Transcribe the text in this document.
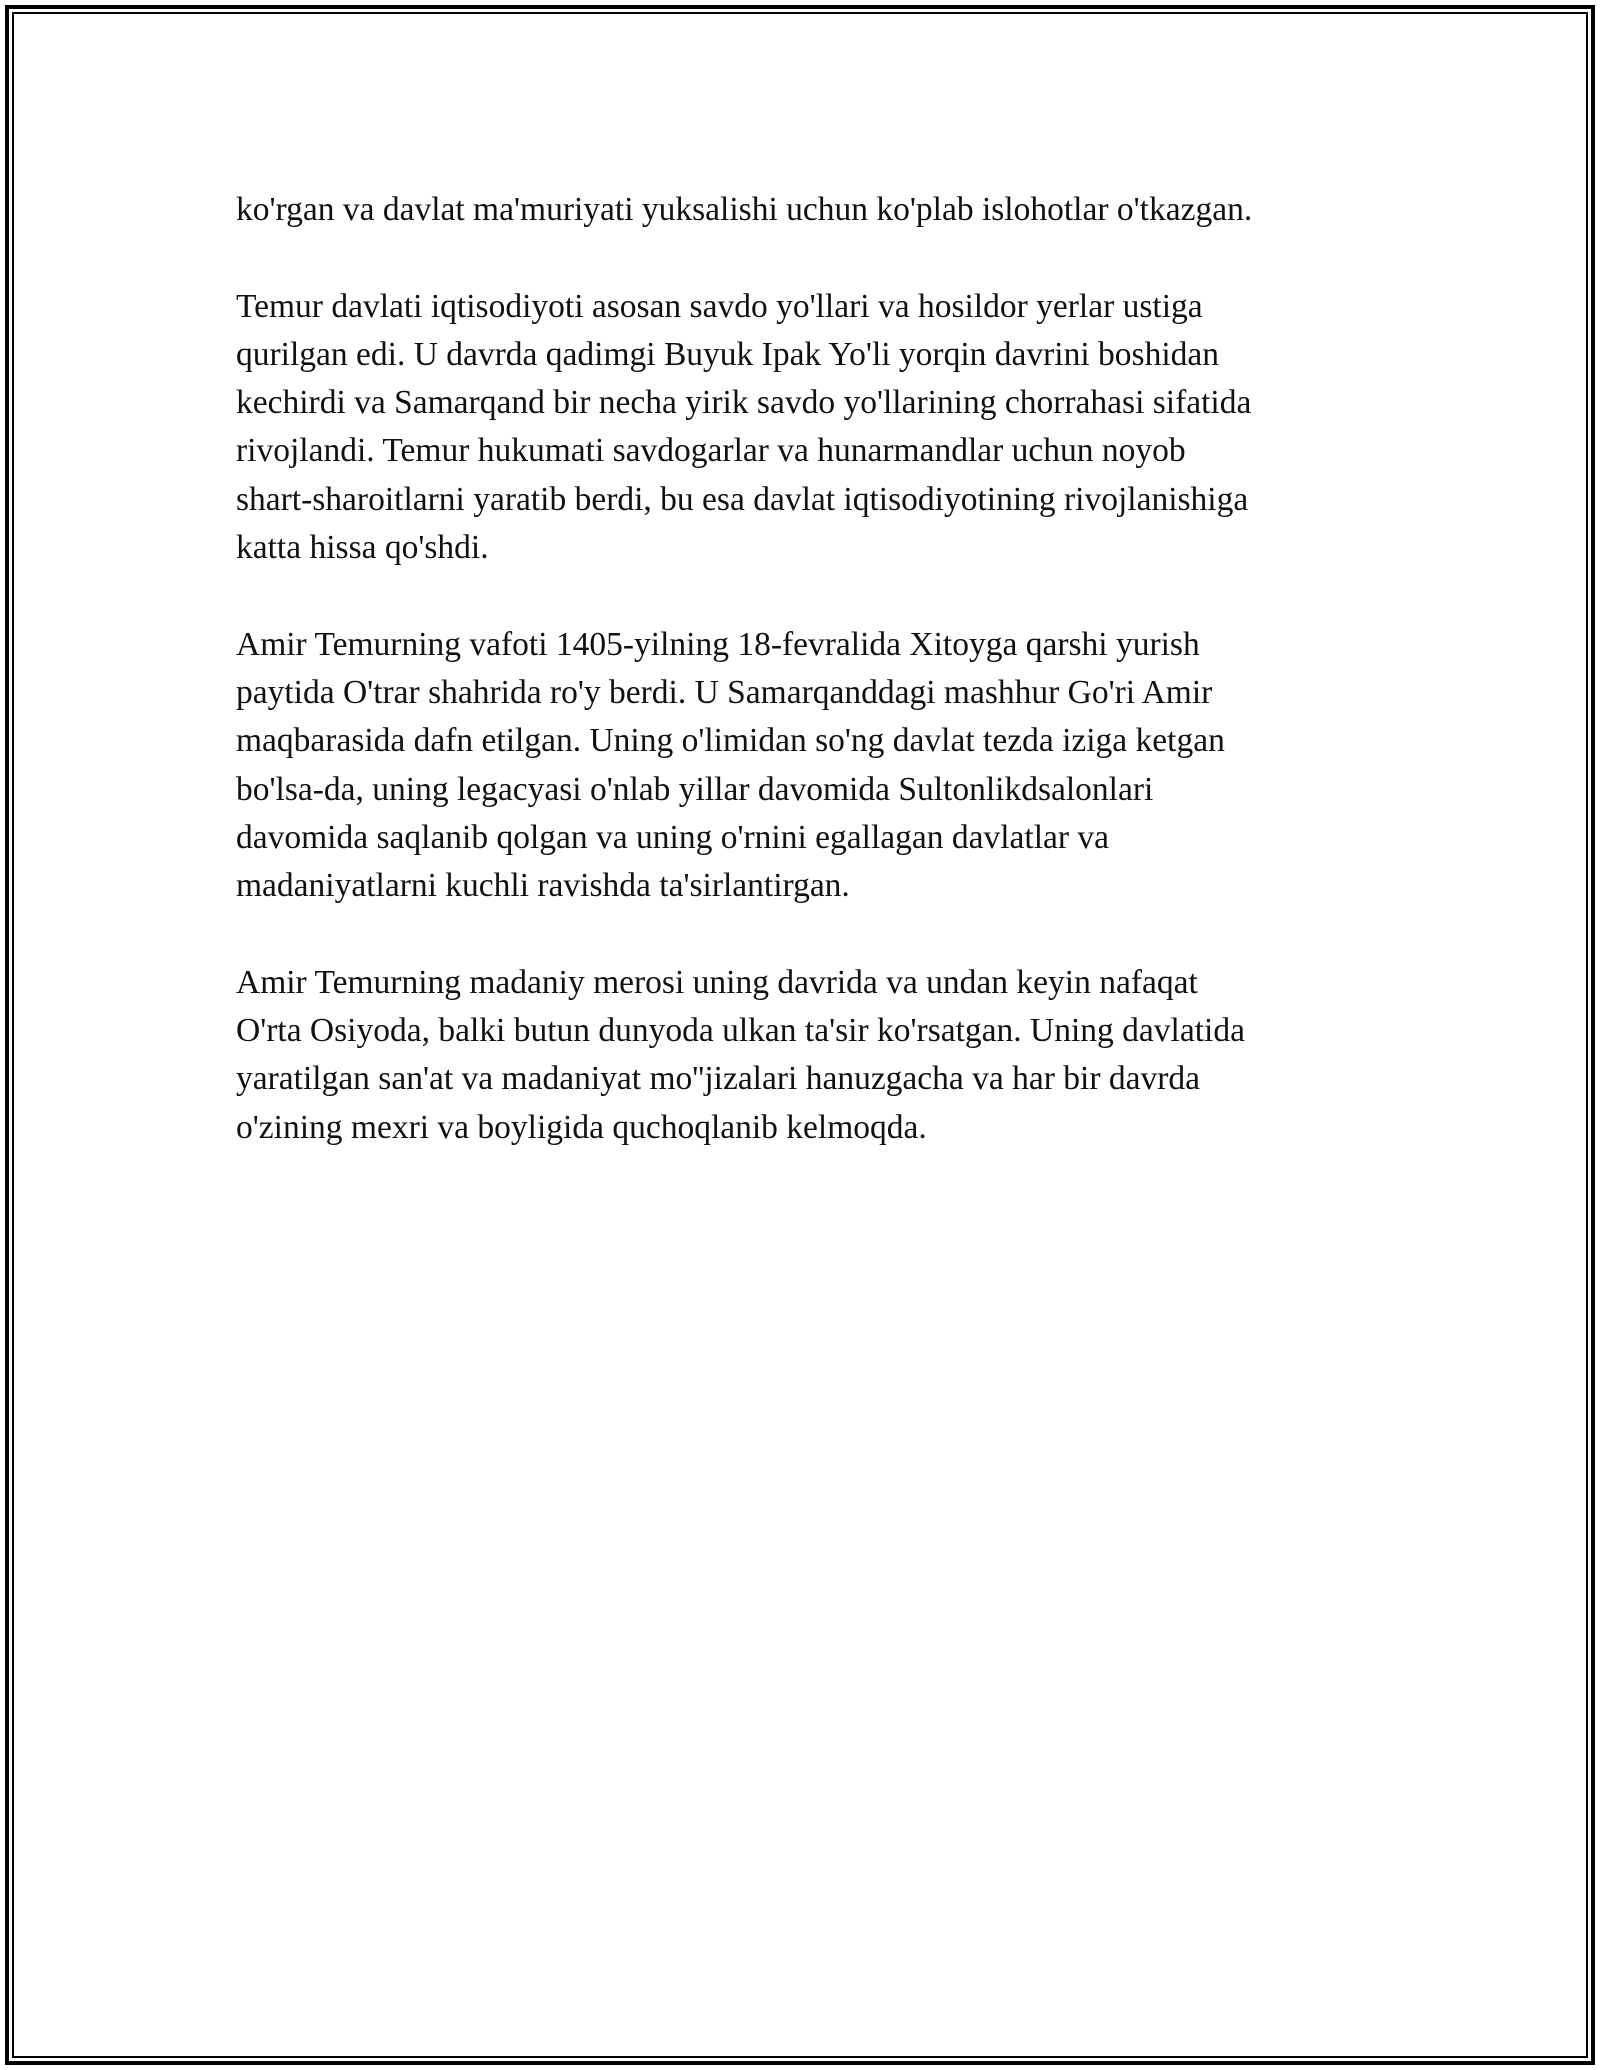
ko'rgan va davlat ma'muriyati yuksalishi uchun ko'plab islohotlar o'tkazgan.

Temur davlati iqtisodiyoti asosan savdo yo'llari va hosildor yerlar ustiga
qurilgan edi. U davrda qadimgi Buyuk Ipak Yo'li yorqin davrini boshidan
kechirdi va Samarqand bir necha yirik savdo yo'llarining chorrahasi sifatida
rivojlandi. Temur hukumati savdogarlar va hunarmandlar uchun noyob
shart-sharoitlarni yaratib berdi, bu esa davlat iqtisodiyotining rivojlanishiga
katta hissa qo'shdi.

Amir Temurning vafoti 1405-yilning 18-fevralida Xitoyga qarshi yurish
paytida O'trar shahrida ro'y berdi. U Samarqanddagi mashhur Go'ri Amir
maqbarasida dafn etilgan. Uning o'limidan so'ng davlat tezda iziga ketgan
bo'lsa-da, uning legacyasi o'nlab yillar davomida Sultonlikdsalonlari
davomida saqlanib qolgan va uning o'rnini egallagan davlatlar va
madaniyatlarni kuchli ravishda ta'sirlantirgan.

Amir Temurning madaniy merosi uning davrida va undan keyin nafaqat
O'rta Osiyoda, balki butun dunyoda ulkan ta'sir ko'rsatgan. Uning davlatida
yaratilgan san'at va madaniyat mo''jizalari hanuzgacha va har bir davrda
o'zining mexri va boyligida quchoqlanib kelmoqda.
